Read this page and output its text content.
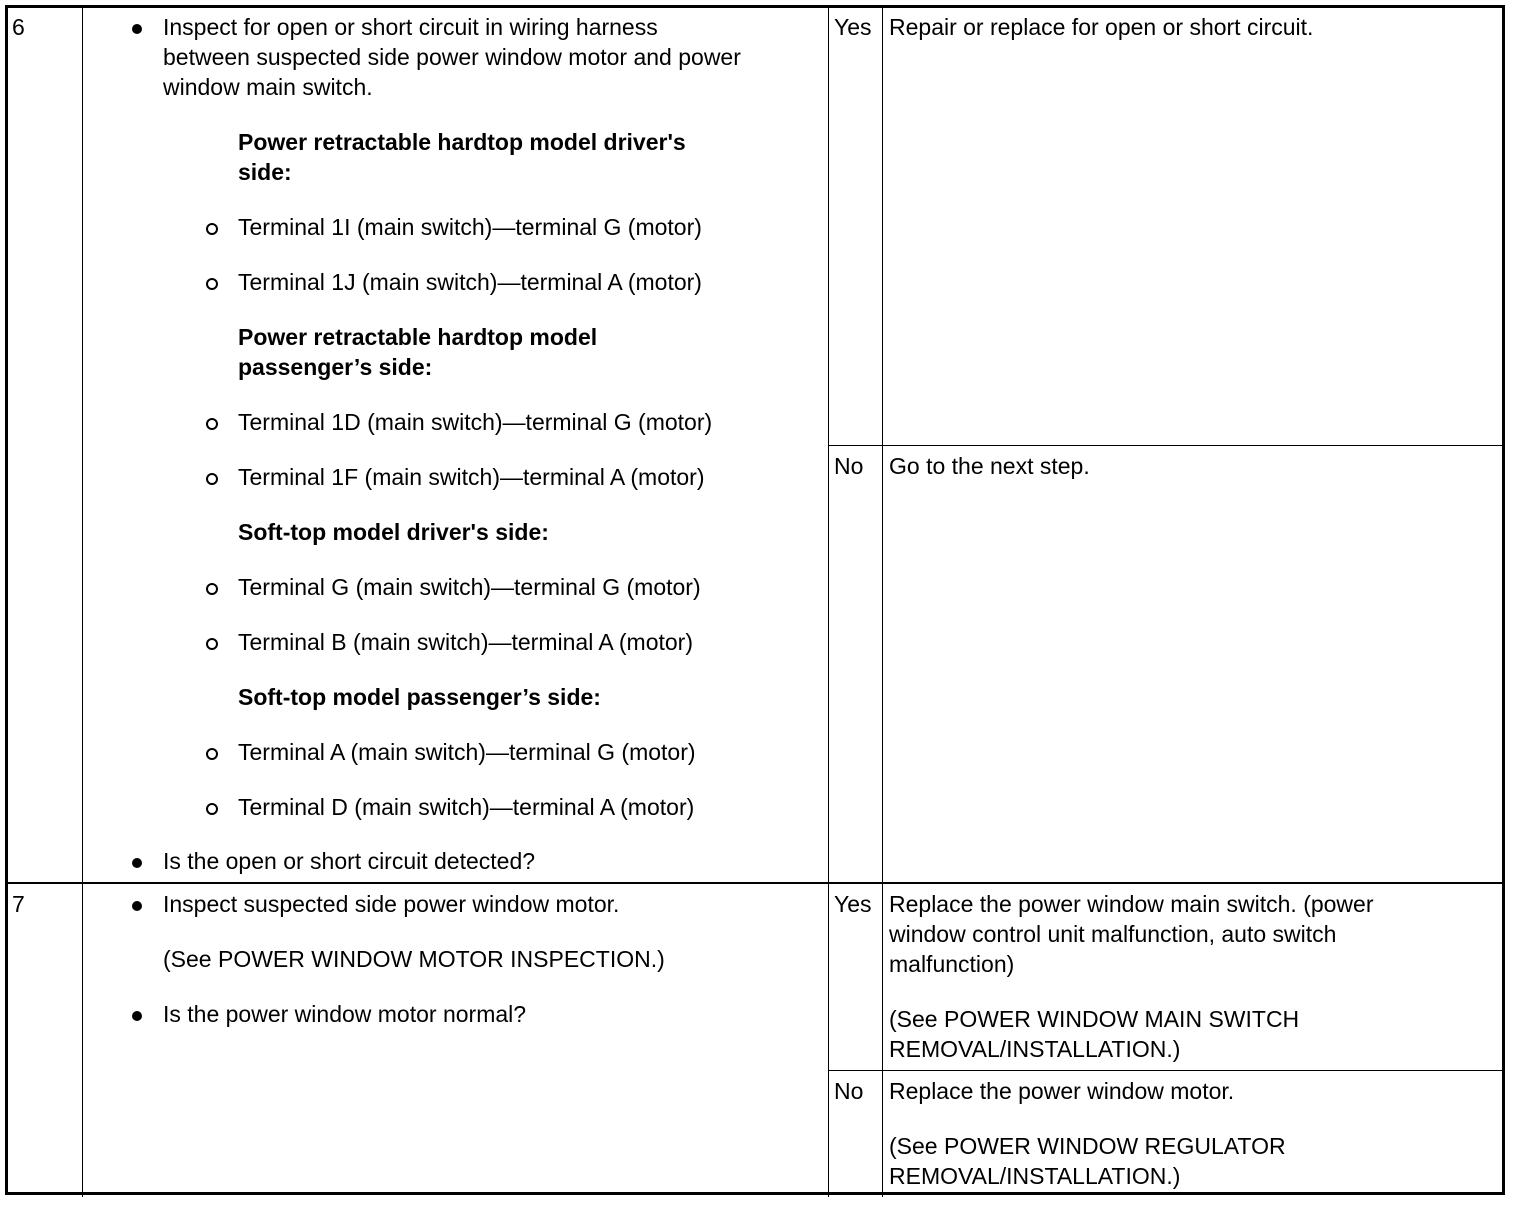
6	Inspect for open or short circuit in wiring harness
between suspected side power window motor and power
window main switch.
Power retractable hardtop model driver's
side:
Terminal 1I (main switch)—terminal G (motor)
Terminal 1J (main switch)—terminal A (motor)
Power retractable hardtop model
passenger’s side:
Terminal 1D (main switch)—terminal G (motor)
Terminal 1F (main switch)—terminal A (motor)
Soft-top model driver's side:
Terminal G (main switch)—terminal G (motor)
Terminal B (main switch)—terminal A (motor)
Soft-top model passenger’s side:
Terminal A (main switch)—terminal G (motor)
Terminal D (main switch)—terminal A (motor)
Is the open or short circuit detected?
Yes Repair or replace for open or short circuit.
No Go to the next step.
7	Inspect suspected side power window motor.
(See POWER WINDOW MOTOR INSPECTION.)
Is the power window motor normal?
Yes Replace the power window main switch. (power
window control unit malfunction, auto switch
malfunction)
(See POWER WINDOW MAIN SWITCH
REMOVAL/INSTALLATION.)
No Replace the power window motor.
(See POWER WINDOW REGULATOR
REMOVAL/INSTALLATION.)
